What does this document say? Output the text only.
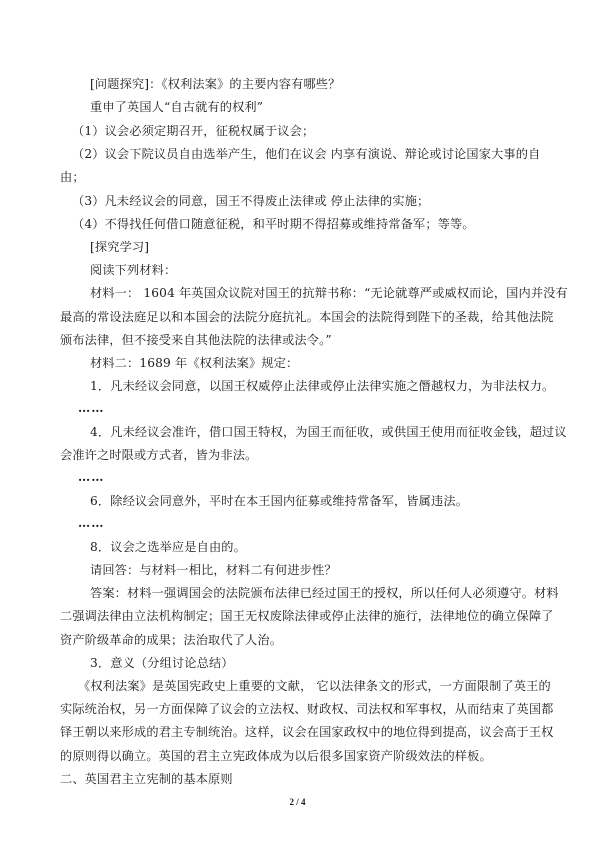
[问题探究]：《权利法案》的主要内容有哪些？
重申了英国人“自古就有的权利”
（1）议会必须定期召开，征税权属于议会；
（2）议会下院议员自由选举产生，他们在议会 内享有演说、辩论或讨论国家大事的自
由；
（3）凡未经议会的同意，国王不得废止法律或 停止法律的实施；
（4）不得找任何借口随意征税，和平时期不得招募或维持常备军；等等。
[探究学习]
阅读下列材料：
材料一： 1604 年英国众议院对国王的抗辩书称：“无论就尊严或威权而论，国内并没有
最高的常设法庭足以和本国会的法院分庭抗礼。本国会的法院得到陛下的圣裁，给其他法院
颁布法律，但不接受来自其他法院的法律或法令。”
材料二：1689 年《权利法案》规定：
1．凡未经议会同意，以国王权威停止法律或停止法律实施之僭越权力，为非法权力。
……
4．凡未经议会准许，借口国王特权，为国王而征收，或供国王使用而征收金钱，超过议
会准许之时限或方式者，皆为非法。
……
6．除经议会同意外，平时在本王国内征募或维持常备军，皆属违法。
……
8．议会之选举应是自由的。
请回答：与材料一相比，材料二有何进步性？
答案：材料一强调国会的法院颁布法律已经过国王的授权，所以任何人必须遵守。材料
二强调法律由立法机构制定；国王无权废除法律或停止法律的施行，法律地位的确立保障了
资产阶级革命的成果；法治取代了人治。
3．意义（分组讨论总结）
《权利法案》是英国宪政史上重要的文献， 它以法律条文的形式，一方面限制了英王的
实际统治权，另一方面保障了议会的立法权、财政权、司法权和军事权，从而结束了英国都
铎王朝以来形成的君主专制统治。这样，议会在国家政权中的地位得到提高，议会高于王权
的原则得以确立。英国的君主立宪政体成为以后很多国家资产阶级效法的样板。
二、英国君主立宪制的基本原则
2 / 4
